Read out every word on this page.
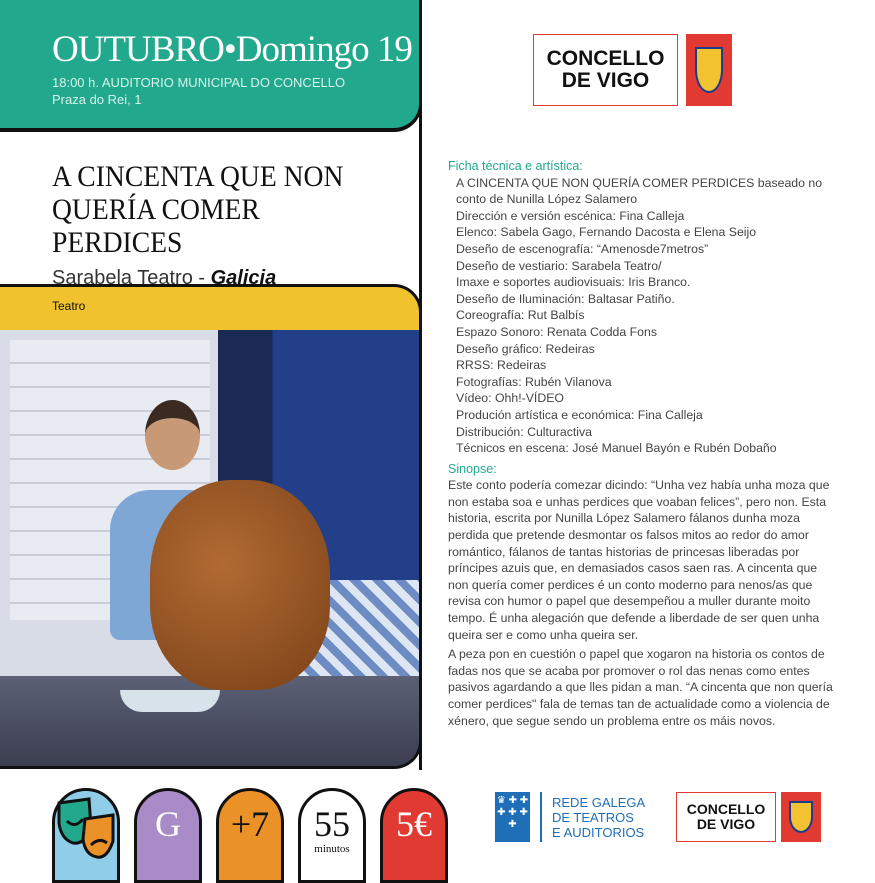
Teatro
OUTUBRO•Domingo 19
18:00 h. AUDITORIO MUNICIPAL DO CONCELLO
Praza do Rei, 1
A CINCENTA QUE NON
QUERÍA COMER PERDICES
Sarabela Teatro - Galicia
CONCELLO
DE VIGO
Ficha técnica e artística:
A CINCENTA QUE NON QUERÍA COMER PERDICES baseado no conto de Nunilla López Salamero
Dirección e versión escénica: Fina Calleja
Elenco: Sabela Gago, Fernando Dacosta e Elena Seijo
Deseño de escenografía: “Amenosde7metros”
Deseño de vestiario: Sarabela Teatro/
Imaxe e soportes audiovisuais: Iris Branco.
Deseño de Iluminación: Baltasar Patiño.
Coreografía: Rut Balbís
Espazo Sonoro: Renata Codda Fons
Deseño gráfico: Redeiras
RRSS: Redeiras
Fotografías: Rubén Vilanova
Vídeo: Ohh!-VÍDEO
Produción artística e económica: Fina Calleja
Distribución: Culturactiva
Técnicos en escena: José Manuel Bayón e Rubén Dobaño
Sinopse:
Este conto podería comezar dicindo: “Unha vez había unha moza que non estaba soa e unhas perdices que voaban felices”, pero non. Esta historia, escrita por Nunilla López Salamero fálanos dunha moza perdida que pretende desmontar os falsos mitos ao redor do amor romántico, fálanos de tantas historias de princesas liberadas por príncipes azuis que, en demasiados casos saen ras. A cincenta que non quería comer perdices é un conto moderno para nenos/as que revisa con humor o papel que desempeñou a muller durante moito tempo. É unha alegación que defende a liberdade de ser quen unha queira ser e como unha queira ser.
A peza pon en cuestión o papel que xogaron na historia os contos de fadas nos que se acaba por promover o rol das nenas como entes pasivos agardando a que lles pidan a man. “A cincenta que non quería comer perdices" fala de temas tan de actualidade como a violencia de xénero, que segue sendo un problema entre os máis novos.
G +7 55
minutos
5€
♛ ✚ ✚ ✚ ✚ ✚ ✚
REDE GALEGA
DE TEATROS
E AUDITORIOS
CONCELLO
DE VIGO
